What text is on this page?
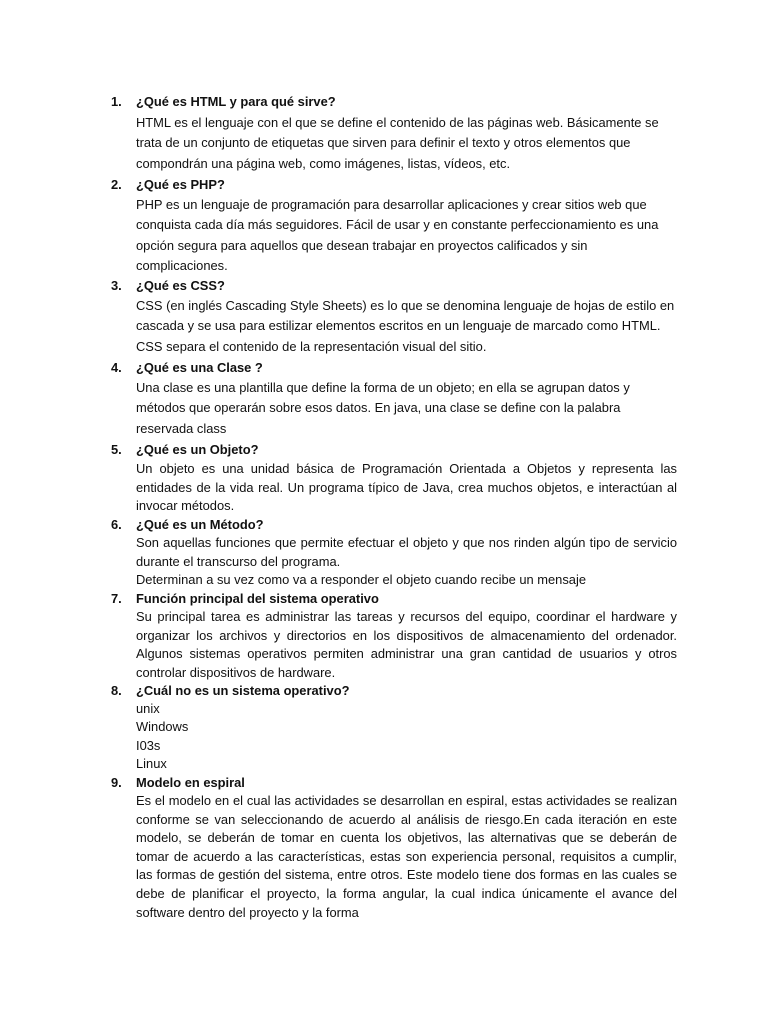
1.	¿Qué es HTML y para qué sirve?
HTML es el lenguaje con el que se define el contenido de las páginas web. Básicamente se trata de un conjunto de etiquetas que sirven para definir el texto y otros elementos que compondrán una página web, como imágenes, listas, vídeos, etc.
2.	¿Qué es PHP?
PHP es un lenguaje de programación para desarrollar aplicaciones y crear sitios web que conquista cada día más seguidores. Fácil de usar y en constante perfeccionamiento es una opción segura para aquellos que desean trabajar en proyectos calificados y sin complicaciones.
3.	¿Qué es CSS?
CSS (en inglés Cascading Style Sheets) es lo que se denomina lenguaje de hojas de estilo en cascada y se usa para estilizar elementos escritos en un lenguaje de marcado como HTML. CSS separa el contenido de la representación visual del sitio.
4.	¿Qué es una Clase ?
Una clase es una plantilla que define la forma de un objeto; en ella se agrupan datos y métodos que operarán sobre esos datos. En java, una clase se define con la palabra reservada class
5.	¿Qué es un Objeto?
Un objeto es una unidad básica de Programación Orientada a Objetos y representa las entidades de la vida real. Un programa típico de Java, crea muchos objetos, e interactúan al invocar métodos.
6.	¿Qué es un Método?

Son aquellas funciones que permite efectuar el objeto y que nos rinden algún tipo de servicio durante el transcurso del programa.

Determinan a su vez como va a responder el objeto cuando recibe un mensaje

7.	Función principal del sistema operativo
Su principal tarea es administrar las tareas y recursos del equipo, coordinar el hardware y organizar los archivos y directorios en los dispositivos de almacenamiento del ordenador. Algunos sistemas operativos permiten administrar una gran cantidad de usuarios y otros controlar dispositivos de hardware.
8.	¿Cuál no es un sistema operativo?
unix
Windows
I03s
Linux
9.	Modelo en espiral
Es el modelo en el cual las actividades se desarrollan en espiral, estas actividades se realizan conforme se van seleccionando de acuerdo al análisis de riesgo.En cada iteración en este modelo, se deberán de tomar en cuenta los objetivos, las alternativas que se deberán de tomar de acuerdo a las características, estas son experiencia personal, requisitos a cumplir, las formas de gestión del sistema, entre otros. Este modelo tiene dos formas en las cuales se debe de planificar el proyecto, la forma angular, la cual indica únicamente el avance del software dentro del proyecto y la forma
